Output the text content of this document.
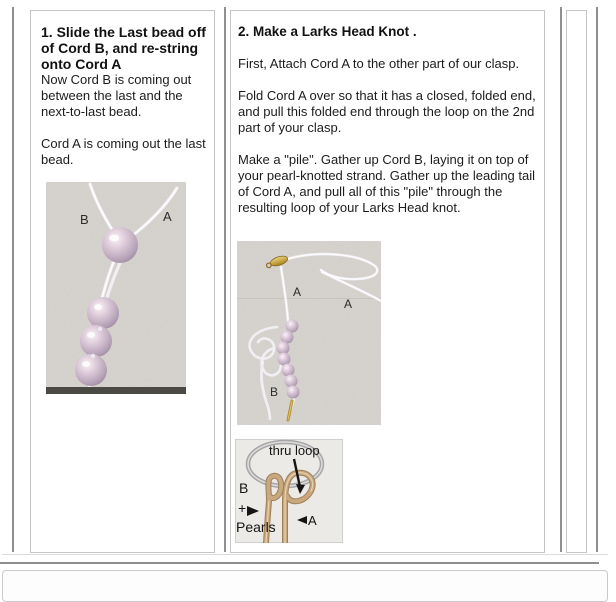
1. Slide the Last bead off of Cord B, and re-string onto Cord A

Now Cord B is coming out between the last and the next-to-last bead.

Cord A is coming out the last bead.

B	A
2. Make a Larks Head Knot .

First, Attach Cord A to the other part of our clasp.

Fold Cord A over so that it has a closed, folded end, and pull this folded end through the loop on the 2nd part of your clasp.

Make a "pile". Gather up Cord B, laying it on top of your pearl-knotted strand. Gather up the leading tail of Cord A, and pull all of this "pile" through the resulting loop of your Larks Head knot.

A
A
B
thru loop
B
+
Pearls A
